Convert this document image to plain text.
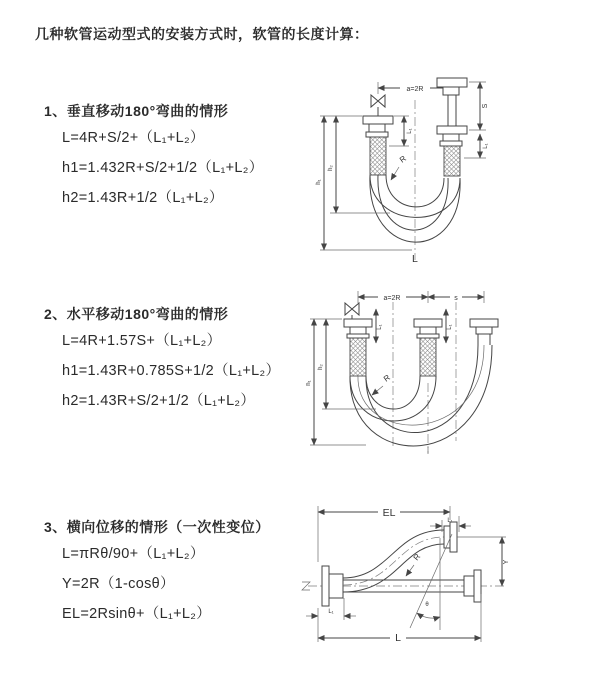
几种软管运动型式的安装方式时，软管的长度计算：
1、垂直移动180°弯曲的情形
L=4R+S/2+（L₁+L₂）
h1=1.432R+S/2+1/2（L₁+L₂）
h2=1.43R+1/2（L₁+L₂）
2、水平移动180°弯曲的情形
L=4R+1.57S+（L₁+L₂）
h1=1.43R+0.785S+1/2（L₁+L₂）
h2=1.43R+S/2+1/2（L₁+L₂）
3、横向位移的情形（一次性变位）
L=πRθ/90+（L₁+L₂）
Y=2R（1-cosθ）
EL=2Rsinθ+（L₁+L₂）
a=2R
L₁
S
L₁
h₁
h₂
R
L
a=2R	s
L₁	L₁
h₁
h₂
R
EL
L₁
Y
θ
R
L₁
L
